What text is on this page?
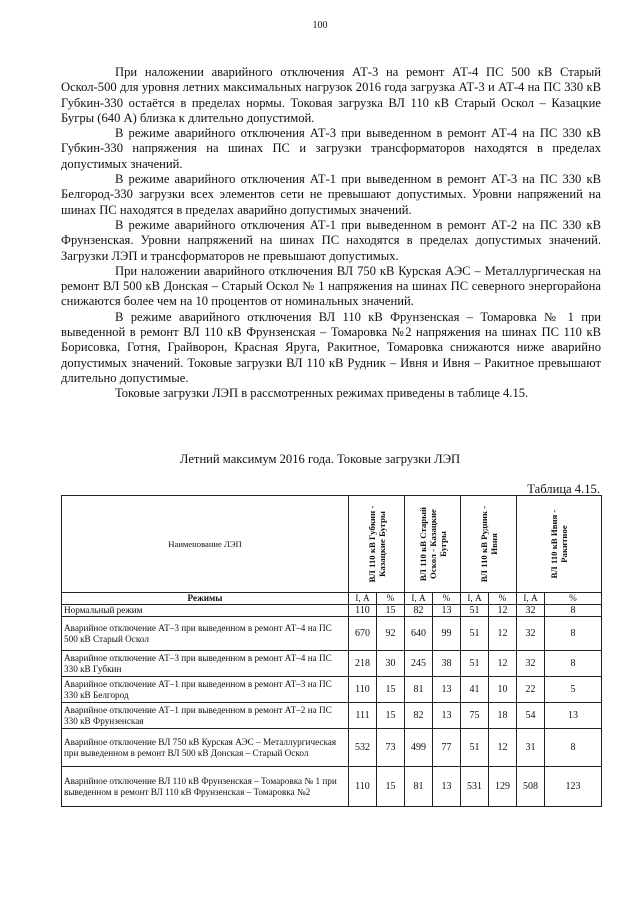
100

При наложении аварийного отключения АТ-3 на ремонт АТ-4 ПС 500 кВ Старый Оскол-500 для уровня летних максимальных нагрузок 2016 года загрузка АТ-3 и АТ-4 на ПС 330 кВ Губкин-330 остаётся в пределах нормы. Токовая загрузка ВЛ 110 кВ Старый Оскол – Казацкие Бугры (640 А) близка к длительно допустимой.

В режиме аварийного отключения АТ-3 при выведенном в ремонт АТ-4 на ПС 330 кВ Губкин-330 напряжения на шинах ПС и загрузки трансформаторов находятся в пределах допустимых значений.

В режиме аварийного отключения АТ-1 при выведенном в ремонт АТ-3 на ПС 330 кВ Белгород-330 загрузки всех элементов сети не превышают допустимых. Уровни напряжений на шинах ПС находятся в пределах аварийно допустимых значений.

В режиме аварийного отключения АТ-1 при выведенном в ремонт АТ-2 на ПС 330 кВ Фрунзенская. Уровни напряжений на шинах ПС находятся в пределах допустимых значений. Загрузки ЛЭП и трансформаторов не превышают допустимых.

При наложении аварийного отключения ВЛ 750 кВ Курская АЭС – Металлургическая на ремонт ВЛ 500 кВ Донская – Старый Оскол № 1 напряжения на шинах ПС северного энергорайона снижаются более чем на 10 процентов от номинальных значений.

В режиме аварийного отключения ВЛ 110 кВ Фрунзенская – Томаровка № 1 при выведенной в ремонт ВЛ 110 кВ Фрунзенская – Томаровка №2 напряжения на шинах ПС 110 кВ Борисовка, Готня, Грайворон, Красная Яруга, Ракитное, Томаровка снижаются ниже аварийно допустимых значений. Токовые загрузки ВЛ 110 кВ Рудник – Ивня и Ивня – Ракитное превышают длительно допустимые.

Токовые загрузки ЛЭП в рассмотренных режимах приведены в таблице 4.15.

Летний максимум 2016 года. Токовые загрузки ЛЭП
Таблица 4.15.
Наименование ЛЭП	ВЛ 110 кВ Губкин - Казацкие Бугры		ВЛ 110 кВ Старый Оскол - Казацкие Бугры		ВЛ 110 кВ Рудник - Ивня		ВЛ 110 кВ Ивня - Ракитное	

Режимы	I, А	%	I, А	%	I, А	%	I, А	%
Нормальный режим	110	15	82	13	51	12	32	8
Аварийное отключение АТ–3 при выведенном в ремонт АТ–4 на ПС 500 кВ Старый Оскол	670	92	640	99	51	12	32	8
Аварийное отключение АТ–3 при выведенном в ремонт АТ–4 на ПС 330 кВ Губкин	218	30	245	38	51	12	32	8
Аварийное отключение АТ–1 при выведенном в ремонт АТ–3 на ПС 330 кВ Белгород	110	15	81	13	41	10	22	5
Аварийное отключение АТ–1 при выведенном в ремонт АТ–2 на ПС 330 кВ Фрунзенская	111	15	82	13	75	18	54	13
Аварийное отключение ВЛ 750 кВ Курская АЭС – Металлургическая при выведенном в ремонт ВЛ 500 кВ Донская – Старый Оскол	532	73	499	77	51	12	31	8
Аварийное отключение ВЛ 110 кВ Фрунзенская – Томаровка № 1 при выведенном в ремонт ВЛ 110 кВ Фрунзенская – Томаровка №2	110	15	81	13	531	129	508	123
